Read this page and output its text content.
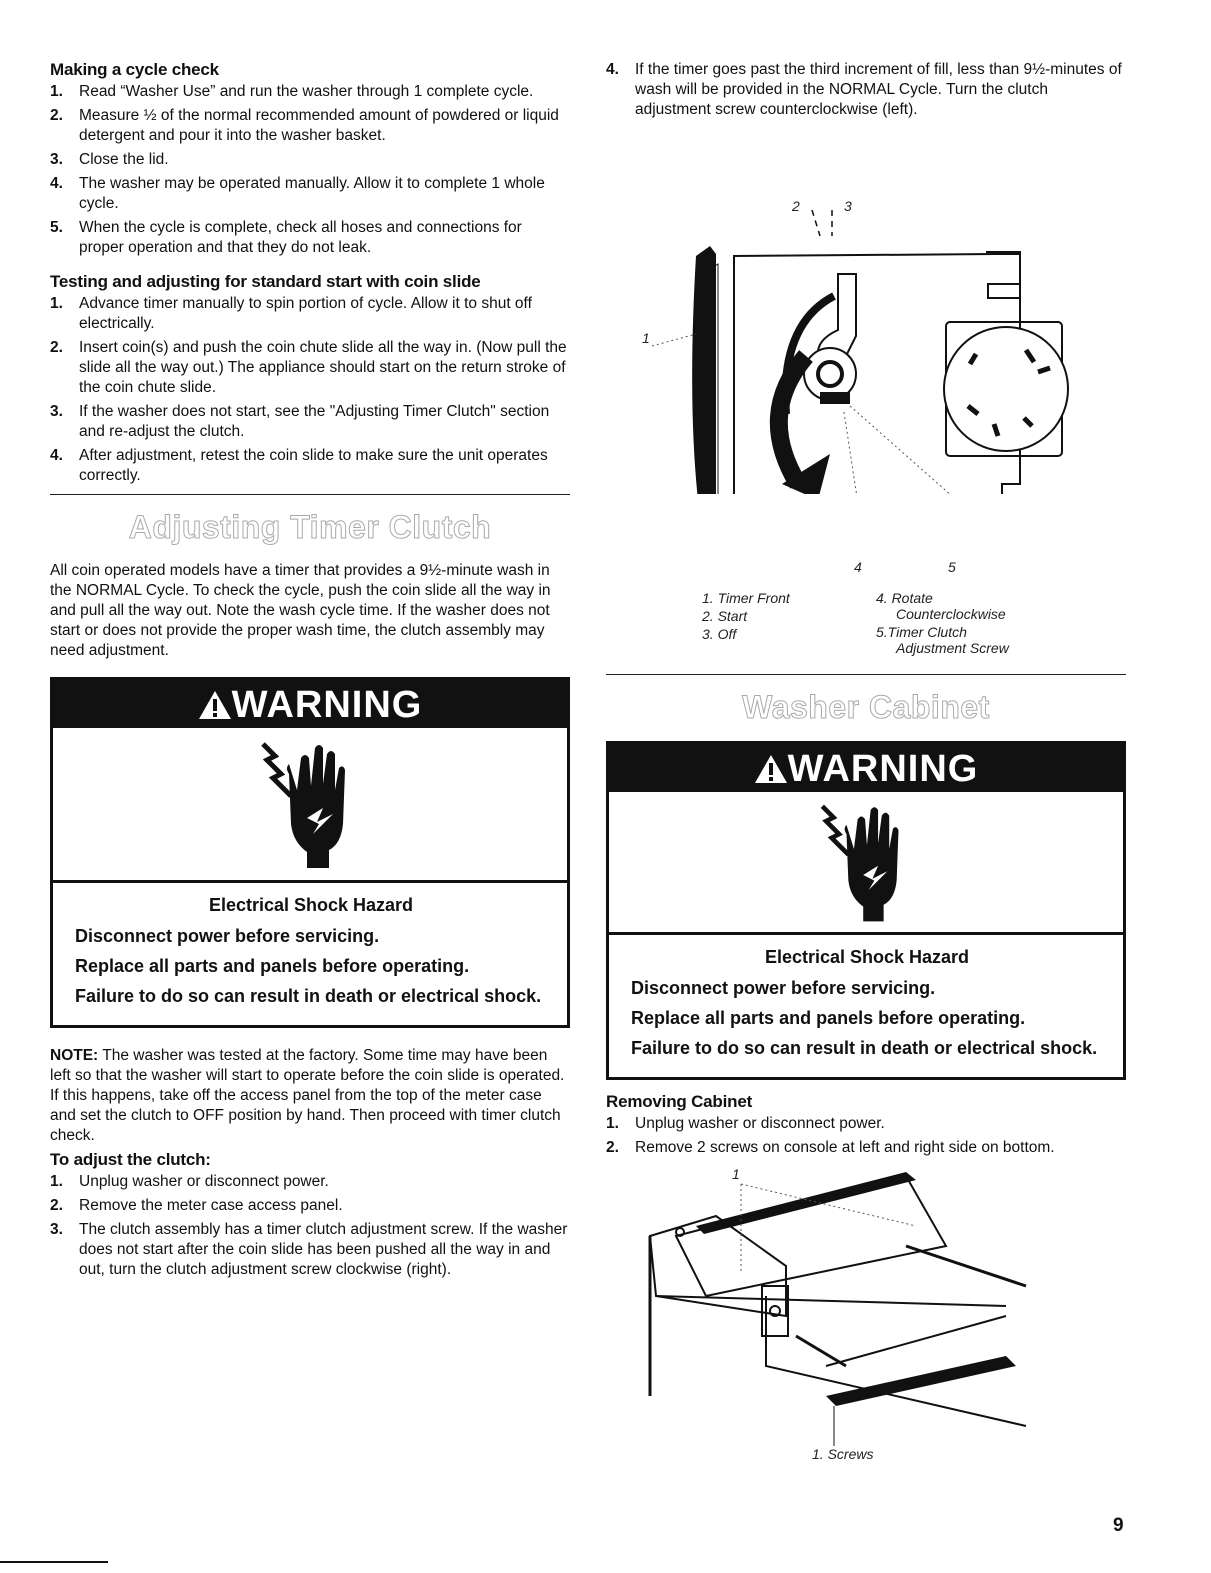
Making a cycle check
1. Read “Washer Use” and run the washer through 1 complete cycle.
2. Measure ½ of the normal recommended amount of powdered or liquid detergent and pour it into the washer basket.
3. Close the lid.
4. The washer may be operated manually. Allow it to complete 1 whole cycle.
5. When the cycle is complete, check all hoses and connections for proper operation and that they do not leak.
Testing and adjusting for standard start with coin slide
1. Advance timer manually to spin portion of cycle. Allow it to shut off electrically.
2. Insert coin(s) and push the coin chute slide all the way in. (Now pull the slide all the way out.) The appliance should start on the return stroke of the coin chute slide.
3. If the washer does not start, see the "Adjusting Timer Clutch" section and re-adjust the clutch.
4. After adjustment, retest the coin slide to make sure the unit operates correctly.
Adjusting Timer Clutch

All coin operated models have a timer that provides a 9½-minute wash in the NORMAL Cycle. To check the cycle, push the coin slide all the way in and pull all the way out. Note the wash cycle time. If the washer does not start or does not provide the proper wash time, the clutch assembly may need adjustment.

WARNING
Electrical Shock Hazard
Disconnect power before servicing.
Replace all parts and panels before operating.
Failure to do so can result in death or electrical shock.

NOTE: The washer was tested at the factory. Some time may have been left so that the washer will start to operate before the coin slide is operated. If this happens, take off the access panel from the top of the meter case and set the clutch to OFF position by hand. Then proceed with timer clutch check.

To adjust the clutch:
1. Unplug washer or disconnect power.
2. Remove the meter case access panel.
3. The clutch assembly has a timer clutch adjustment screw. If the washer does not start after the coin slide has been pushed all the way in and out, turn the clutch adjustment screw clockwise (right).
4. If the timer goes past the third increment of fill, less than 9½-minutes of wash will be provided in the NORMAL Cycle. Turn the clutch adjustment screw counterclockwise (left).
1
2	3
4	5
1. Timer Front
2. Start
3. Off
4. Rotate
Counterclockwise
5.Timer Clutch
Adjustment Screw
Washer Cabinet
WARNING
Electrical Shock Hazard
Disconnect power before servicing.
Replace all parts and panels before operating.
Failure to do so can result in death or electrical shock.
Removing Cabinet
1. Unplug washer or disconnect power.
2. Remove 2 screws on console at left and right side on bottom.
1
1. Screws
9
